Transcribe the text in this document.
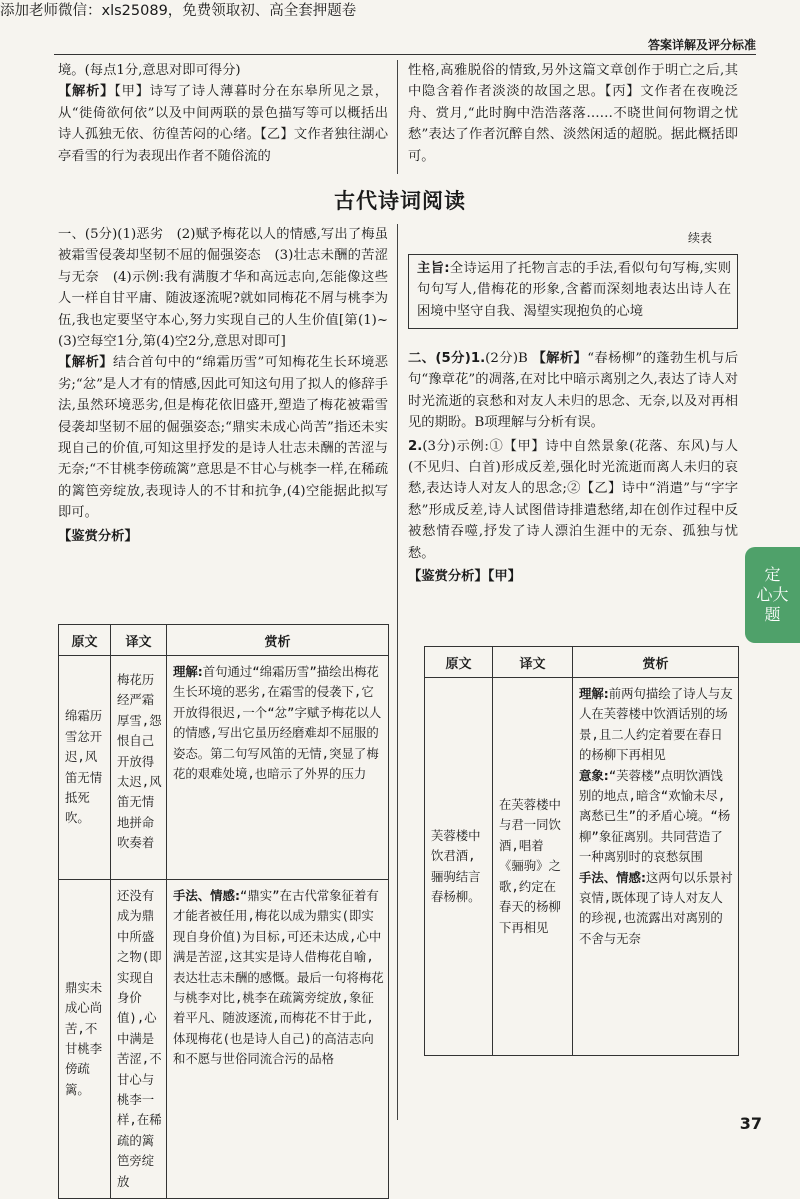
添加老师微信：xls25089，免费领取初、高全套押题卷
答案详解及评分标准

境。(每点1分,意思对即可得分)

【解析】【甲】诗写了诗人薄暮时分在东皋所见之景，从“徙倚欲何依”以及中间两联的景色描写等可以概括出诗人孤独无依、彷徨苦闷的心绪。【乙】文作者独往湖心亭看雪的行为表现出作者不随俗流的

性格,高雅脱俗的情致,另外这篇文章创作于明亡之后,其中隐含着作者淡淡的故国之思。【丙】文作者在夜晚泛舟、赏月,“此时胸中浩浩落落……不晓世间何物谓之忧愁”表达了作者沉醉自然、淡然闲适的超脱。据此概括即可。

古代诗词阅读

一、(5分)(1)恶劣　(2)赋予梅花以人的情感,写出了梅虽被霜雪侵袭却坚韧不屈的倔强姿态　(3)壮志未酬的苦涩与无奈　(4)示例:我有满腹才华和高远志向,怎能像这些人一样自甘平庸、随波逐流呢?就如同梅花不屑与桃李为伍,我也定要坚守本心,努力实现自己的人生价值[第(1)~(3)空每空1分,第(4)空2分,意思对即可]

【解析】结合首句中的“绵霜历雪”可知梅花生长环境恶劣;“忿”是人才有的情感,因此可知这句用了拟人的修辞手法,虽然环境恶劣,但是梅花依旧盛开,塑造了梅花被霜雪侵袭却坚韧不屈的倔强姿态;“鼎实未成心尚苦”指还未实现自己的价值,可知这里抒发的是诗人壮志未酬的苦涩与无奈;“不甘桃李傍疏篱”意思是不甘心与桃李一样,在稀疏的篱笆旁绽放,表现诗人的不甘和抗争,(4)空能据此拟写即可。

【鉴赏分析】

原文	译文	赏析

绵霜历雪忿开迟,风笛无情抵死吹。	梅花历经严霜厚雪,怨恨自己开放得太迟,风笛无情地拼命吹奏着	理解:首句通过“绵霜历雪”描绘出梅花生长环境的恶劣,在霜雪的侵袭下,它开放得很迟,一个“忿”字赋予梅花以人的情感,写出它虽历经磨难却不屈服的姿态。第二句写风笛的无情,突显了梅花的艰难处境,也暗示了外界的压力

鼎实未成心尚苦,不甘桃李傍疏篱。	还没有成为鼎中所盛之物(即实现自身价值),心中满是苦涩,不甘心与桃李一样,在稀疏的篱笆旁绽放	手法、情感:“鼎实”在古代常象征着有才能者被任用,梅花以成为鼎实(即实现自身价值)为目标,可还未达成,心中满是苦涩,这其实是诗人借梅花自喻,表达壮志未酬的感慨。最后一句将梅花与桃李对比,桃李在疏篱旁绽放,象征着平凡、随波逐流,而梅花不甘于此,体现梅花(也是诗人自己)的高洁志向和不愿与世俗同流合污的品格
续表
主旨:全诗运用了托物言志的手法,看似句句写梅,实则句句写人,借梅花的形象,含蓄而深刻地表达出诗人在困境中坚守自我、渴望实现抱负的心境

二、(5分)1.(2分)B 【解析】“春杨柳”的蓬勃生机与后句“豫章花”的凋落,在对比中暗示离别之久,表达了诗人对时光流逝的哀愁和对友人未归的思念、无奈,以及对再相见的期盼。B项理解与分析有误。

2.(3分)示例:①【甲】诗中自然景象(花落、东风)与人(不见归、白首)形成反差,强化时光流逝而离人未归的哀愁,表达诗人对友人的思念;②【乙】诗中“消遣”与“字字愁”形成反差,诗人试图借诗排遣愁绪,却在创作过程中反被愁情吞噬,抒发了诗人漂泊生涯中的无奈、孤独与忧愁。

【鉴赏分析】【甲】

原文	译文	赏析

芙蓉楼中饮君酒,骊驹结言春杨柳。	在芙蓉楼中与君一同饮酒,唱着《骊驹》之歌,约定在春天的杨柳下再相见	理解:前两句描绘了诗人与友人在芙蓉楼中饮酒话别的场景,且二人约定着要在春日的杨柳下再相见
意象:“芙蓉楼”点明饮酒饯别的地点,暗含“欢愉未尽,离愁已生”的矛盾心境。“杨柳”象征离别。共同营造了一种离别时的哀愁氛围
手法、情感:这两句以乐景衬哀情,既体现了诗人对友人的珍视,也流露出对离别的不舍与无奈
定
心大
题
37
